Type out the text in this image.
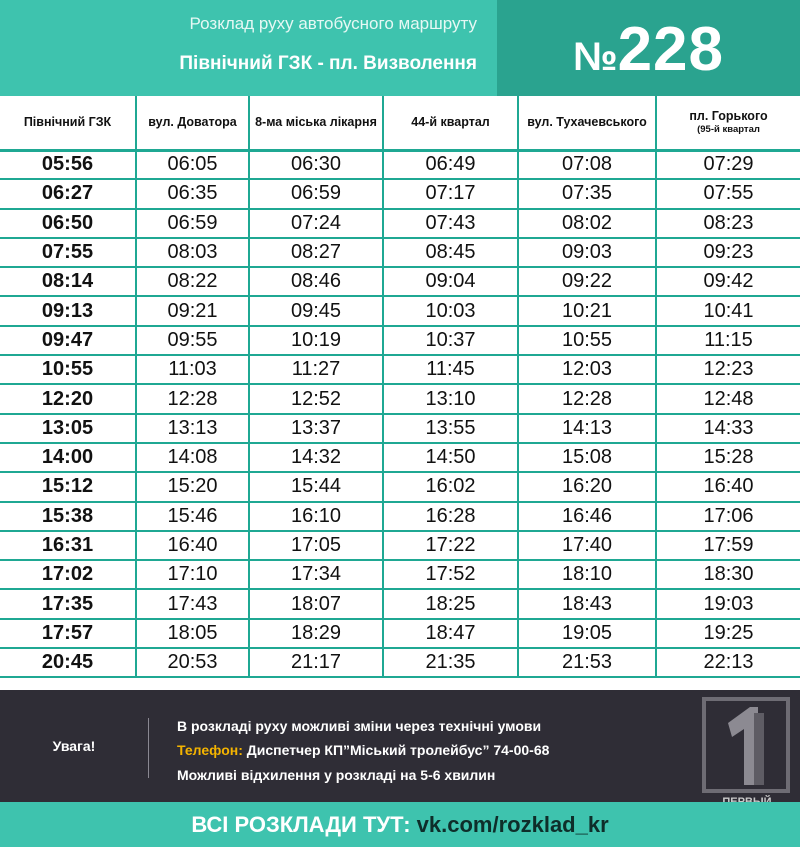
Розклад руху автобусного маршруту
Північний ГЗК - пл. Визволення	№228
Північний ГЗК	вул. Доватора	8-ма міська лікарня	44-й квартал	вул. Тухачевського	пл. Горького
(95-й квартал

05:56	06:05	06:30	06:49	07:08	07:29
06:27	06:35	06:59	07:17	07:35	07:55
06:50	06:59	07:24	07:43	08:02	08:23
07:55	08:03	08:27	08:45	09:03	09:23
08:14	08:22	08:46	09:04	09:22	09:42
09:13	09:21	09:45	10:03	10:21	10:41
09:47	09:55	10:19	10:37	10:55	11:15
10:55	11:03	11:27	11:45	12:03	12:23
12:20	12:28	12:52	13:10	12:28	12:48
13:05	13:13	13:37	13:55	14:13	14:33
14:00	14:08	14:32	14:50	15:08	15:28
15:12	15:20	15:44	16:02	16:20	16:40
15:38	15:46	16:10	16:28	16:46	17:06
16:31	16:40	17:05	17:22	17:40	17:59
17:02	17:10	17:34	17:52	18:10	18:30
17:35	17:43	18:07	18:25	18:43	19:03
17:57	18:05	18:29	18:47	19:05	19:25
20:45	20:53	21:17	21:35	21:53	22:13
Увага!
В розкладі руху можливі зміни через технічні умови
Телефон: Диспетчер КП”Міський тролейбус” 74-00-68
Можливі відхилення у розкладі на 5-6 хвилин
ВСІ РОЗКЛАДИ ТУТ: vk.com/rozklad_kr
